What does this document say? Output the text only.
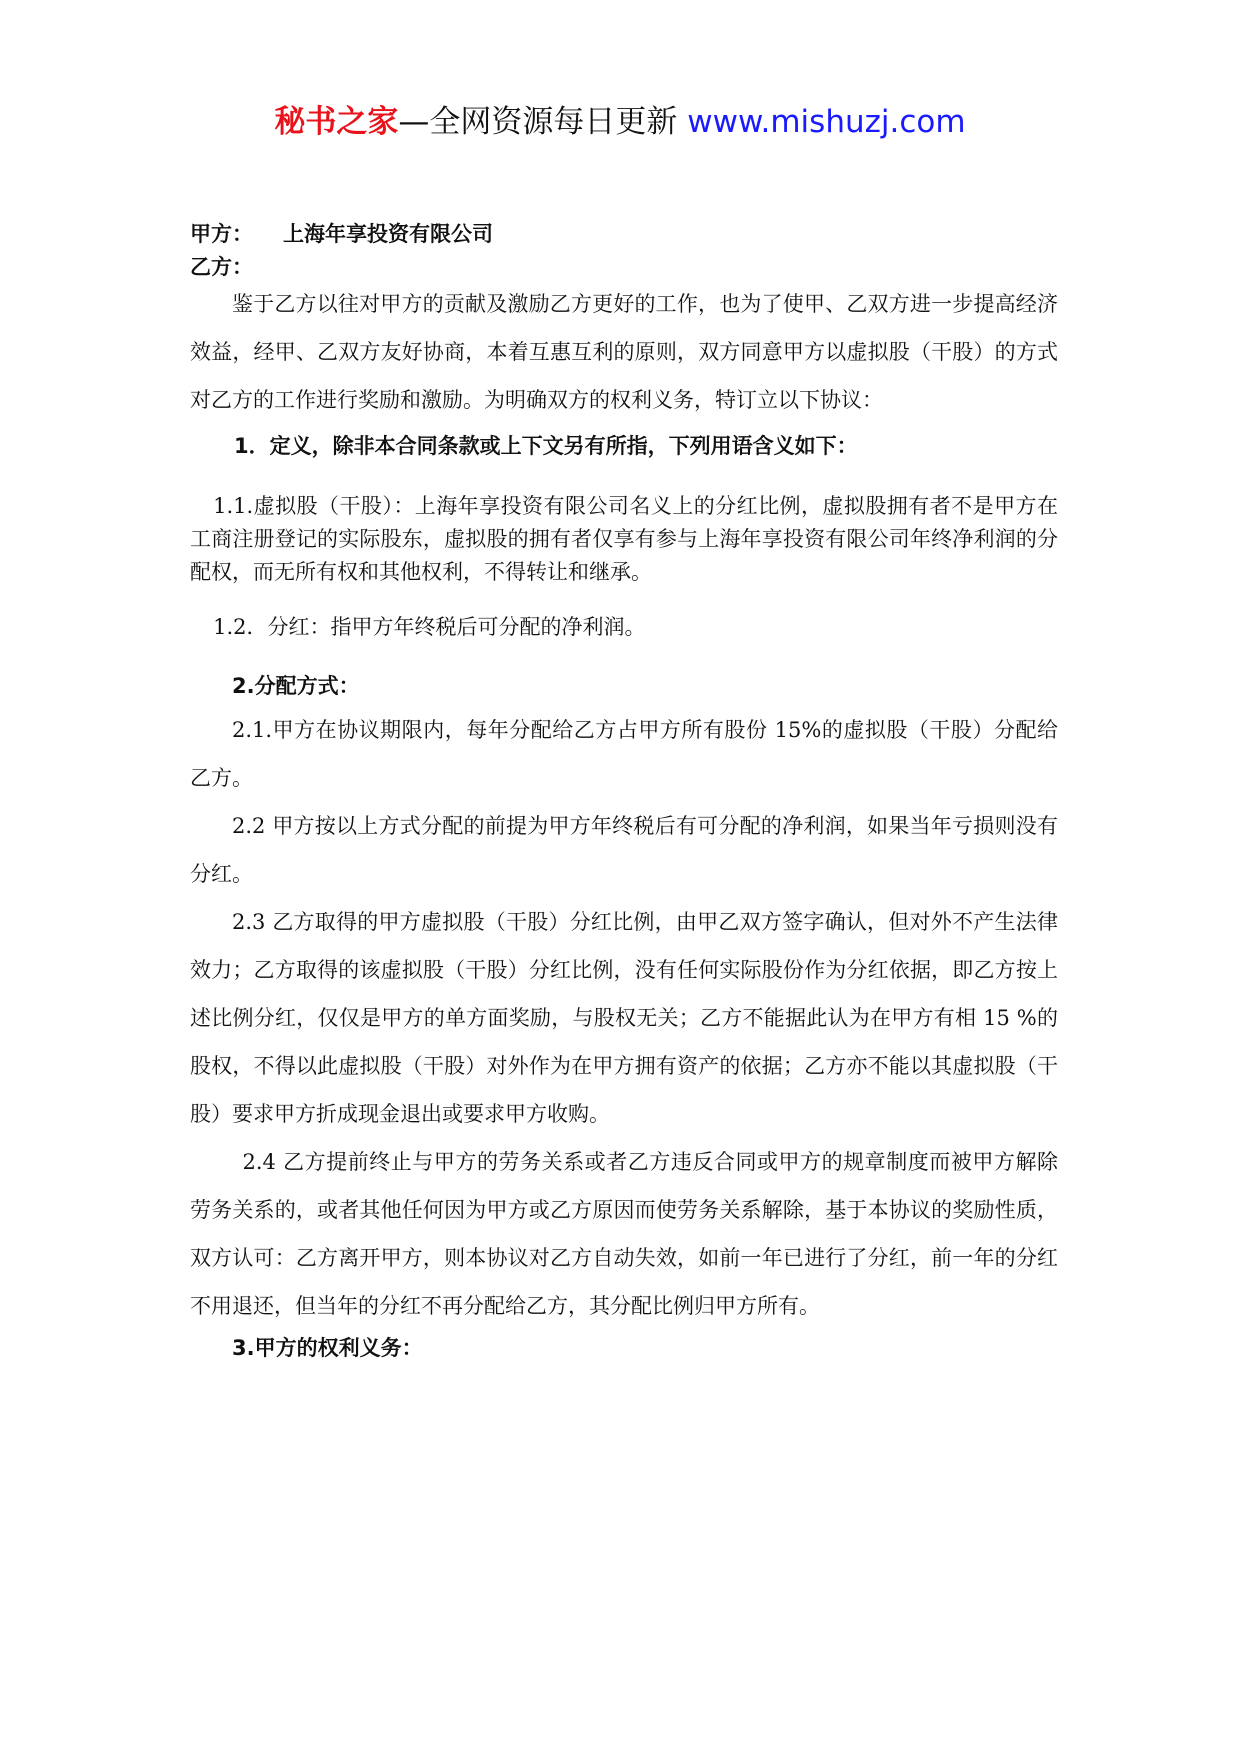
秘书之家—全网资源每日更新 www.mishuzj.com
甲方： 上海年享投资有限公司
乙方：

鉴于乙方以往对甲方的贡献及激励乙方更好的工作，也为了使甲、乙双方进一步提高经济效益，经甲、乙双方友好协商，本着互惠互利的原则，双方同意甲方以虚拟股（干股）的方式对乙方的工作进行奖励和激励。为明确双方的权利义务，特订立以下协议：

1．定义，除非本合同条款或上下文另有所指，下列用语含义如下：

1.1.虚拟股（干股）：上海年享投资有限公司名义上的分红比例，虚拟股拥有者不是甲方在工商注册登记的实际股东，虚拟股的拥有者仅享有参与上海年享投资有限公司年终净利润的分配权，而无所有权和其他权利，不得转让和继承。

1.2．分红：指甲方年终税后可分配的净利润。

2.分配方式：

2.1.甲方在协议期限内，每年分配给乙方占甲方所有股份 15%的虚拟股（干股）分配给乙方。

2.2 甲方按以上方式分配的前提为甲方年终税后有可分配的净利润，如果当年亏损则没有分红。

2.3 乙方取得的甲方虚拟股（干股）分红比例，由甲乙双方签字确认，但对外不产生法律效力；乙方取得的该虚拟股（干股）分红比例，没有任何实际股份作为分红依据，即乙方按上述比例分红，仅仅是甲方的单方面奖励，与股权无关；乙方不能据此认为在甲方有相 15 %的股权，不得以此虚拟股（干股）对外作为在甲方拥有资产的依据；乙方亦不能以其虚拟股（干股）要求甲方折成现金退出或要求甲方收购。

2.4 乙方提前终止与甲方的劳务关系或者乙方违反合同或甲方的规章制度而被甲方解除劳务关系的，或者其他任何因为甲方或乙方原因而使劳务关系解除，基于本协议的奖励性质，双方认可：乙方离开甲方，则本协议对乙方自动失效，如前一年已进行了分红，前一年的分红不用退还，但当年的分红不再分配给乙方，其分配比例归甲方所有。

3.甲方的权利义务：
